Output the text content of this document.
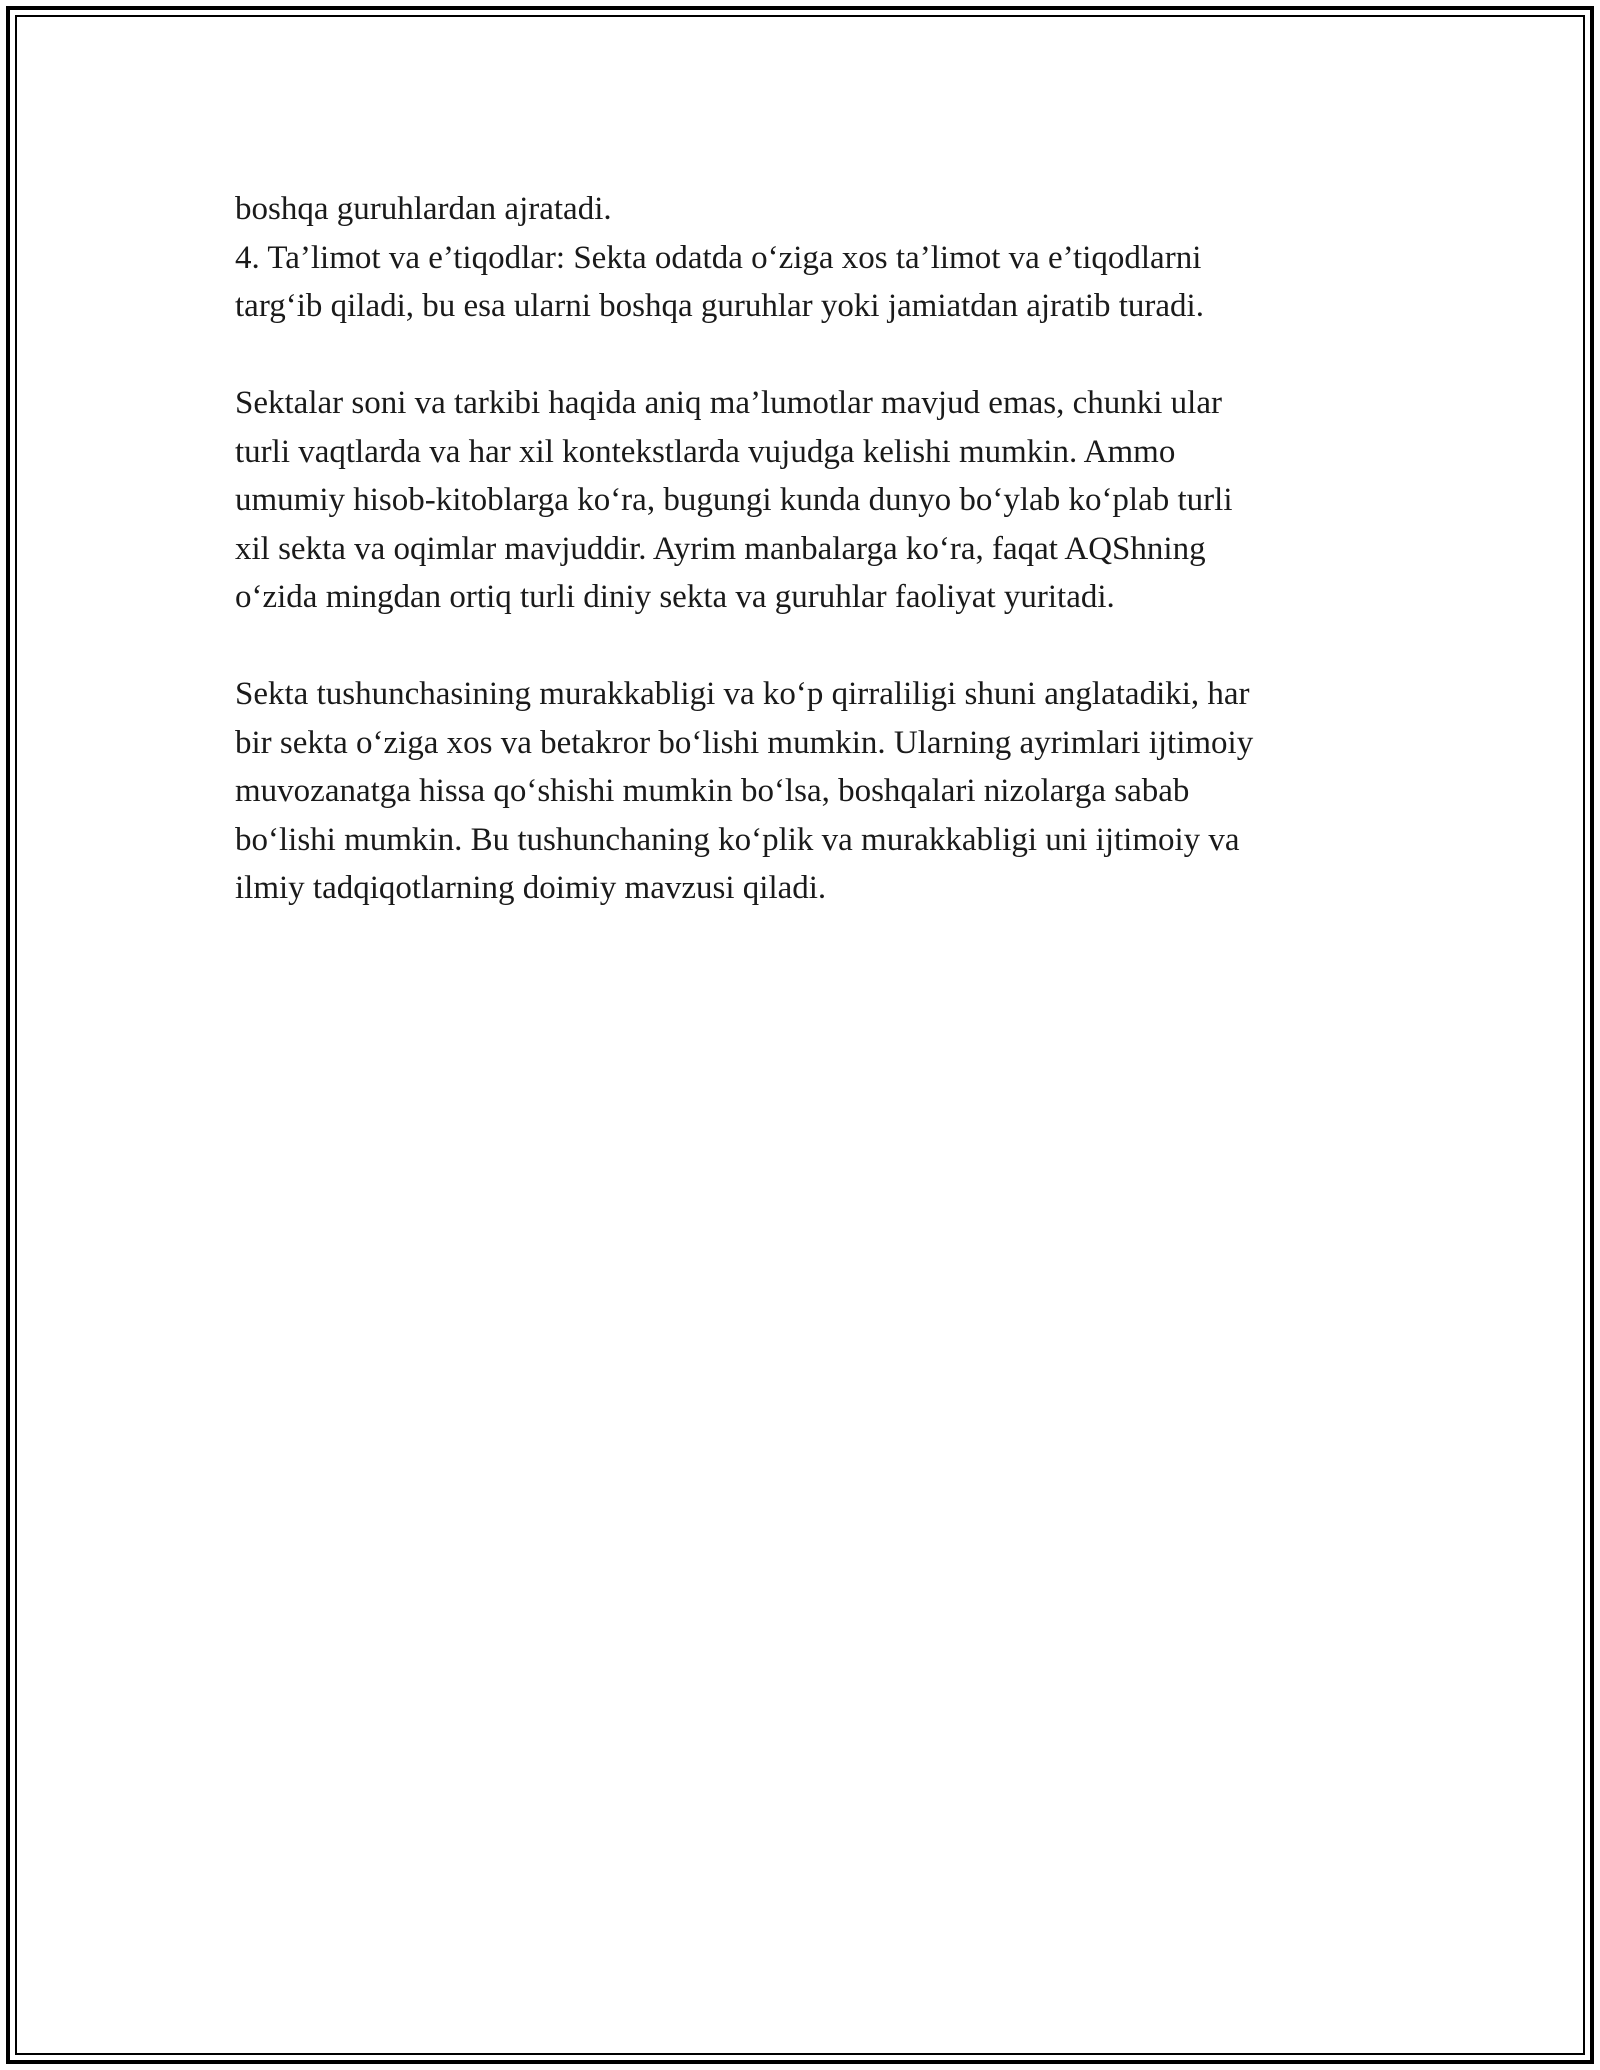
boshqa guruhlardan ajratadi.
4. Ta’limot va e’tiqodlar: Sekta odatda o‘ziga xos ta’limot va e’tiqodlarni
targ‘ib qiladi, bu esa ularni boshqa guruhlar yoki jamiatdan ajratib turadi.
Sektalar soni va tarkibi haqida aniq ma’lumotlar mavjud emas, chunki ular
turli vaqtlarda va har xil kontekstlarda vujudga kelishi mumkin. Ammo
umumiy hisob-kitoblarga ko‘ra, bugungi kunda dunyo bo‘ylab ko‘plab turli
xil sekta va oqimlar mavjuddir. Ayrim manbalarga ko‘ra, faqat AQShning
o‘zida mingdan ortiq turli diniy sekta va guruhlar faoliyat yuritadi.
Sekta tushunchasining murakkabligi va ko‘p qirraliligi shuni anglatadiki, har
bir sekta o‘ziga xos va betakror bo‘lishi mumkin. Ularning ayrimlari ijtimoiy
muvozanatga hissa qo‘shishi mumkin bo‘lsa, boshqalari nizolarga sabab
bo‘lishi mumkin. Bu tushunchaning ko‘plik va murakkabligi uni ijtimoiy va
ilmiy tadqiqotlarning doimiy mavzusi qiladi.
